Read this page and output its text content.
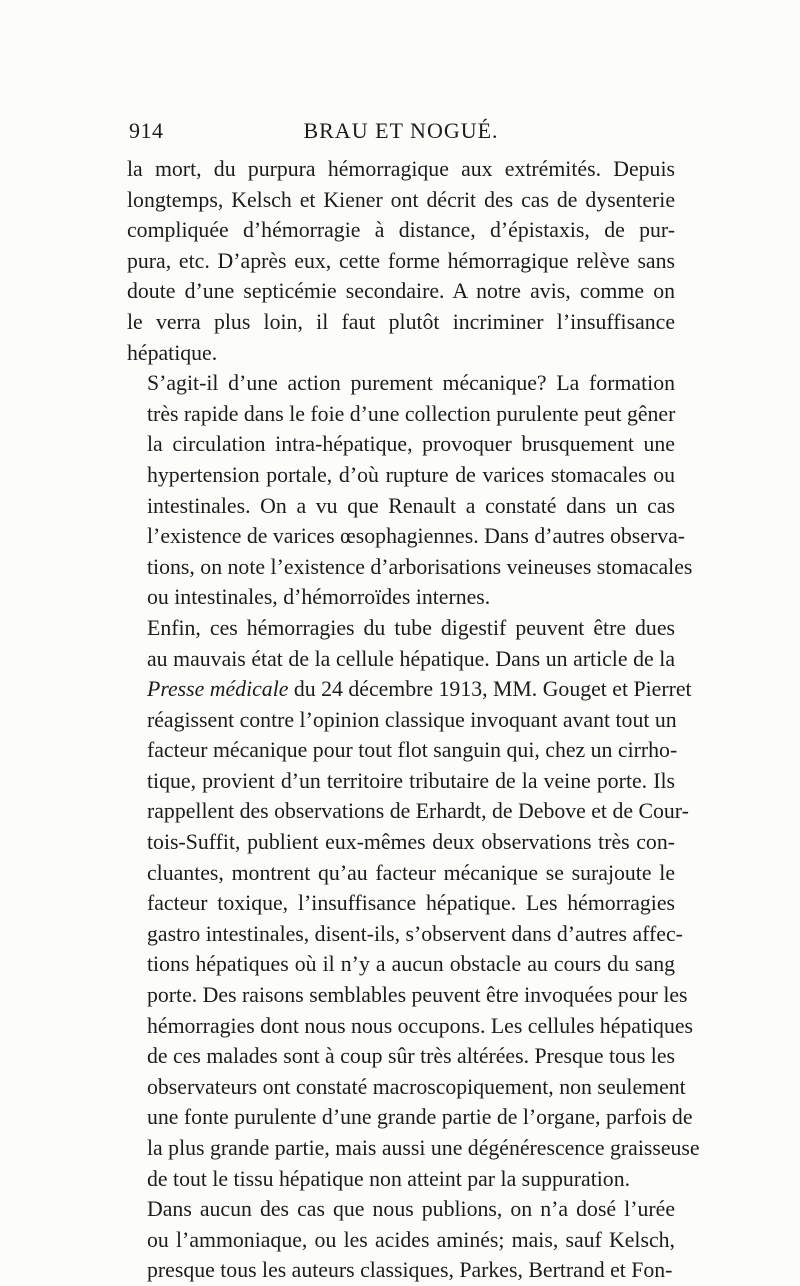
914	BRAU ET NOGUÉ.
la mort, du purpura hémorragique aux extrémités. Depuis
longtemps, Kelsch et Kiener ont décrit des cas de dysenterie
compliquée d’hémorragie à distance, d’épistaxis, de pur-
pura, etc. D’après eux, cette forme hémorragique relève sans
doute d’une septicémie secondaire. A notre avis, comme on
le verra plus loin, il faut plutôt incriminer l’insuffisance
hépatique.
S’agit-il d’une action purement mécanique? La formation
très rapide dans le foie d’une collection purulente peut gêner
la circulation intra-hépatique, provoquer brusquement une
hypertension portale, d’où rupture de varices stomacales ou
intestinales. On a vu que Renault a constaté dans un cas
l’existence de varices œsophagiennes. Dans d’autres observa-
tions, on note l’existence d’arborisations veineuses stomacales
ou intestinales, d’hémorroïdes internes.
Enfin, ces hémorragies du tube digestif peuvent être dues
au mauvais état de la cellule hépatique. Dans un article de la
Presse médicale du 24 décembre 1913, MM. Gouget et Pierret
réagissent contre l’opinion classique invoquant avant tout un
facteur mécanique pour tout flot sanguin qui, chez un cirrho-
tique, provient d’un territoire tributaire de la veine porte. Ils
rappellent des observations de Erhardt, de Debove et de Cour-
tois-Suffit, publient eux-mêmes deux observations très con-
cluantes, montrent qu’au facteur mécanique se surajoute le
facteur toxique, l’insuffisance hépatique. Les hémorragies
gastro intestinales, disent-ils, s’observent dans d’autres affec-
tions hépatiques où il n’y a aucun obstacle au cours du sang
porte. Des raisons semblables peuvent être invoquées pour les
hémorragies dont nous nous occupons. Les cellules hépatiques
de ces malades sont à coup sûr très altérées. Presque tous les
observateurs ont constaté macroscopiquement, non seulement
une fonte purulente d’une grande partie de l’organe, parfois de
la plus grande partie, mais aussi une dégénérescence graisseuse
de tout le tissu hépatique non atteint par la suppuration.
Dans aucun des cas que nous publions, on n’a dosé l’urée
ou l’ammoniaque, ou les acides aminés; mais, sauf Kelsch,
presque tous les auteurs classiques, Parkes, Bertrand et Fon-
